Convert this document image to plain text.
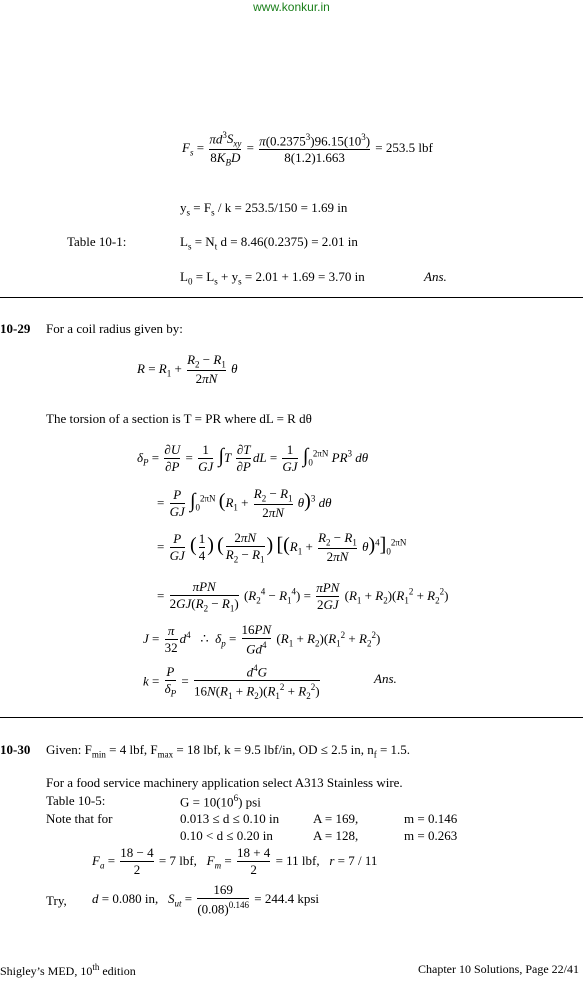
www.konkur.in
$F_s = \frac{\pi d^3S_{xy}}{8K_BD} = \frac{\pi(0.2375^3)96.15(10^3)}{8(1.2)1.663} = 253.5$ lbf
$y_s = F_s / k = 253.5/150 = 1.69$ in
Table 10-1:	$L_s = N_t$ d = 8.46(0.2375) = 2.01 in
$L_0 = L_s + y_s = 2.01 + 1.69 = 3.70$ in	Ans.
10-29 For a coil radius given by:
$R = R_1 + \frac{R_2 - R_1}{2\pi N}$ θ
The torsion of a section is T = PR where dL = R dθ
$\delta_P = \frac{\partial U}{\partial P} = \frac{1}{GJ} \int T \frac{\partial T}{\partial P}$ dL = $\frac{1}{GJ} \int_0^{2\pi N}$ $PR^3$ dθ
= $\frac{P}{GJ} \int_0^{2\pi N}$ $(R_1 + \frac{R_2 - R_1}{2\pi N} \theta)^3$ dθ
= $\frac{P}{GJ}$ ( $\frac{1}{4}$ ) ( $\frac{2\pi N}{R_2 - R_1}$ ) $[(R_1 + \frac{R_2 - R_1}{2\pi N} \theta)^4]_0^{2\pi N}$
= $\frac{\text{πPN}}{2GJ(R_2 - R_1)} (R_2^4 - R_1^4) = \frac{\text{πPN}}{2GJ} (R_1 + R_2)(R_1^2 + R_2^2)$
$J = \frac{\pi}{32} d^4$   ∴  $\delta_p = \frac{16PN}{Gd^4} (R_1 + R_2)(R_1^2 + R_2^2)$
$k = \frac{P}{\delta_P} = \frac{d^4G}{16N(R_1 + R_2)(R_1^2 + R_2^2)}$	Ans.
10-30 Given: $F_{min} = 4$ lbf, $F_{max} = 18$ lbf, k = 9.5 lbf/in, OD ≤ 2.5 in, $n_f = 1.5$.
For a food service machinery application select A313 Stainless wire.
Table 10-5:	$G = 10(10^6)$ psi
Note that for	0.013 ≤ d ≤ 0.10 in	A = 169,	m = 0.146
0.10 < d ≤ 0.20 in	A = 128,	m = 0.263
$F_a = \frac{18 - 4}{2} = 7$ lbf,   $F_m = \frac{18 + 4}{2} = 11$ lbf,   r = 7 / 11
Try, d = 0.080 in,   $S_{ut} = \frac{169}{(0.08)^{0.146}} = 244.4$ kpsi
Shigley’s MED, 10th edition	Chapter 10 Solutions, Page 22/41
